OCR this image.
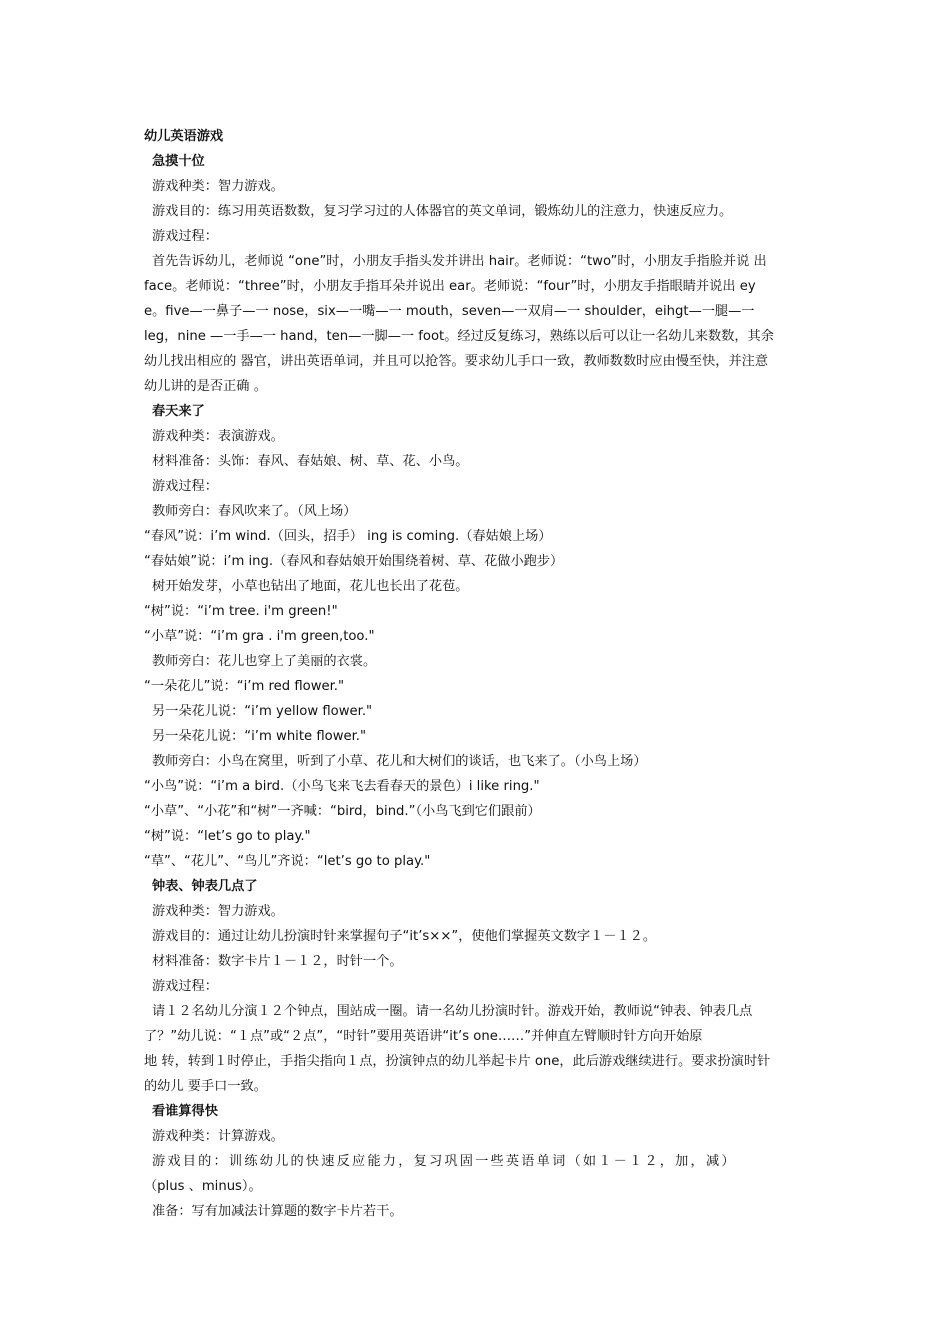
幼儿英语游戏
急摸十位
游戏种类：智力游戏。
游戏目的：练习用英语数数，复习学习过的人体器官的英文单词，锻炼幼儿的注意力，快速反应力。
游戏过程：
首先告诉幼儿，老师说 “one”时，小朋友手指头发并讲出 hair。老师说：“two”时，小朋友手指脸并说 出
face。老师说：“three”时，小朋友手指耳朵并说出 ear。老师说：“four”时，小朋友手指眼睛并说出 ey
e。five—一鼻子—一 nose，six—一嘴—一 mouth，seven—一双肩—一 shoulder，eihgt—一腿—一
leg，nine —一手—一 hand，ten—一脚—一 foot。经过反复练习，熟练以后可以让一名幼儿来数数，其余
幼儿找出相应的 器官，讲出英语单词，并且可以抢答。要求幼儿手口一致，教师数数时应由慢至快，并注意
幼儿讲的是否正确 。
春天来了
游戏种类：表演游戏。
材料准备：头饰：春风、春姑娘、树、草、花、小鸟。
游戏过程：
教师旁白：春风吹来了。（风上场）
“春风”说：i’m wind.（回头，招手） ing is coming.（春姑娘上场）
“春姑娘”说：i’m ing.（春风和春姑娘开始围绕着树、草、花做小跑步）
树开始发芽，小草也钻出了地面，花儿也长出了花苞。
“树”说：“i’m tree. i'm green!"
“小草”说：“i’m gra . i'm green,too."
教师旁白：花儿也穿上了美丽的衣裳。
“一朵花儿”说：“i’m red flower."
另一朵花儿说：“i’m yellow flower."
另一朵花儿说：“i’m white flower."
教师旁白：小鸟在窝里，听到了小草、花儿和大树们的谈话，也飞来了。（小鸟上场）
“小鸟”说：“i’m a bird.（小鸟飞来飞去看春天的景色）i like ring."
“小草”、“小花”和“树”一齐喊：“bird，bind.”（小鸟飞到它们跟前）
“树”说：“let’s go to play."
“草”、“花儿”、“鸟儿”齐说：“let’s go to play."
钟表、钟表几点了
游戏种类：智力游戏。
游戏目的：通过让幼儿扮演时针来掌握句子“it’s××”，使他们掌握英文数字１－１２。
材料准备：数字卡片１－１２，时针一个。
游戏过程：
请１２名幼儿分演１２个钟点，围站成一圈。请一名幼儿扮演时针。游戏开始，教师说“钟表、钟表几点
了？”幼儿说：“１点”或“２点”，“时针”要用英语讲“it’s one……”并伸直左臂顺时针方向开始原
地 转，转到１时停止，手指尖指向１点，扮演钟点的幼儿举起卡片 one，此后游戏继续进行。要求扮演时针
的幼儿 要手口一致。
看谁算得快
游戏种类：计算游戏。
游戏目的：训练幼儿的快速反应能力，复习巩固一些英语单词（如１－１２，加，减）
（plus 、minus）。
准备：写有加减法计算题的数字卡片若干。
